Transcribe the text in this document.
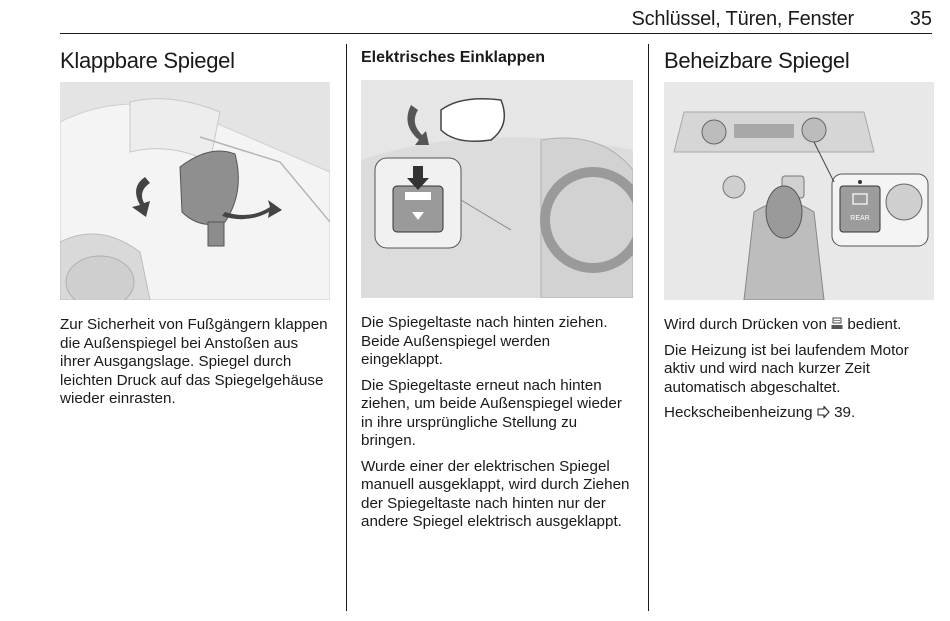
Schlüssel, Türen, Fenster	35
Klappbare Spiegel

Zur Sicherheit von Fußgängern klappen die Außenspiegel bei Anstoßen aus ihrer Ausgangslage. Spiegel durch leichten Druck auf das Spiegelgehäuse wieder einrasten.

Elektrisches Einklappen

Die Spiegeltaste nach hinten ziehen. Beide Außenspiegel werden eingeklappt.

Die Spiegeltaste erneut nach hinten ziehen, um beide Außenspiegel wieder in ihre ursprüngliche Stellung zu bringen.

Wurde einer der elektrischen Spiegel manuell ausgeklappt, wird durch Ziehen der Spiegeltaste nach hinten nur der andere Spiegel elektrisch ausgeklappt.

Beheizbare Spiegel
REAR

Wird durch Drücken von  bedient.

Die Heizung ist bei laufendem Motor aktiv und wird nach kurzer Zeit automatisch abgeschaltet.

Heckscheibenheizung 39.
